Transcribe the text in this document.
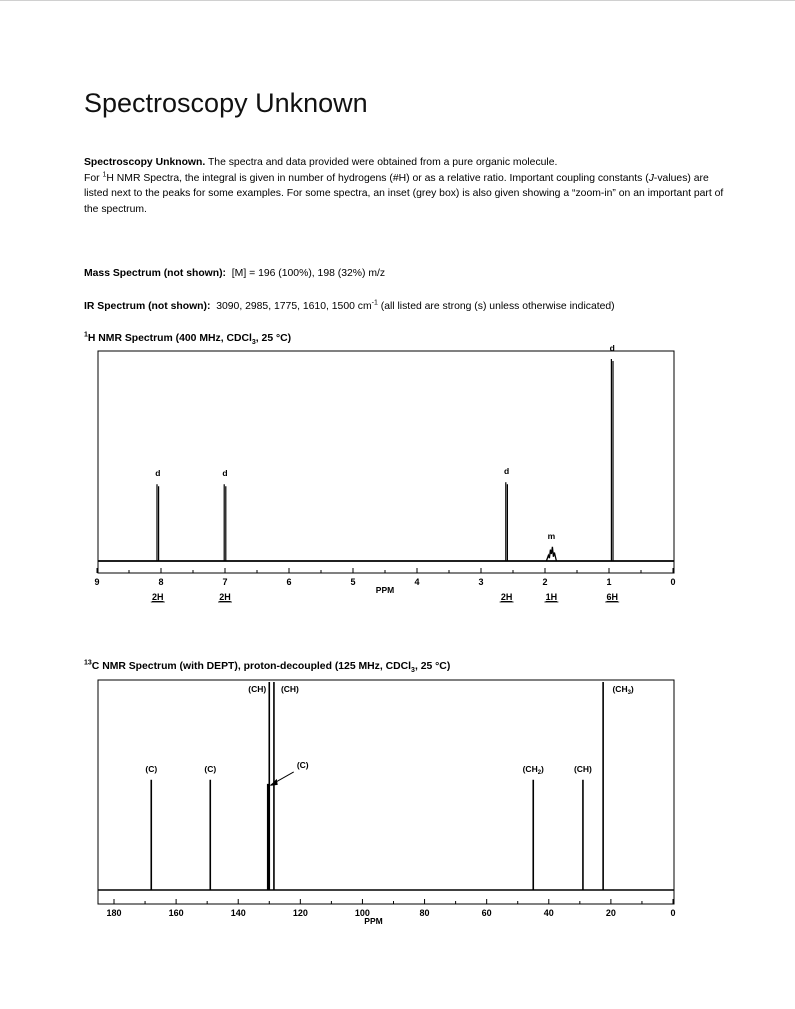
Spectroscopy Unknown
Spectroscopy Unknown. The spectra and data provided were obtained from a pure organic molecule.
For $^1$H NMR Spectra, the integral is given in number of hydrogens (#H) or as a relative ratio. Important coupling constants (J-values) are listed next to the peaks for some examples. For some spectra, an inset (grey box) is also given showing a “zoom-in” on an important part of the spectrum.
Mass Spectrum (not shown): [M] = 196 (100%), 198 (32%) m/z
IR Spectrum (not shown): 3090, 2985, 1775, 1610, 1500 $cm^{-1}$ (all listed are strong (s) unless otherwise indicated)
$^1$H NMR Spectrum (400 MHz, CDCl$_3$, 25 °C)
9	8	7	6	5	4	3	2	1	0
PPM
d
2H
d
2H
d
2H
m
1H
d
6H
$^{13}$C NMR Spectrum (with DEPT), proton-decoupled (125 MHz, CDCl$_3$, 25 °C)
180	160	140	120	100	80	60	40	20	0
PPM
(C)	(C)	(C)
(CH) (CH)
$(CH_2)$	(CH)
$(CH_3)$
